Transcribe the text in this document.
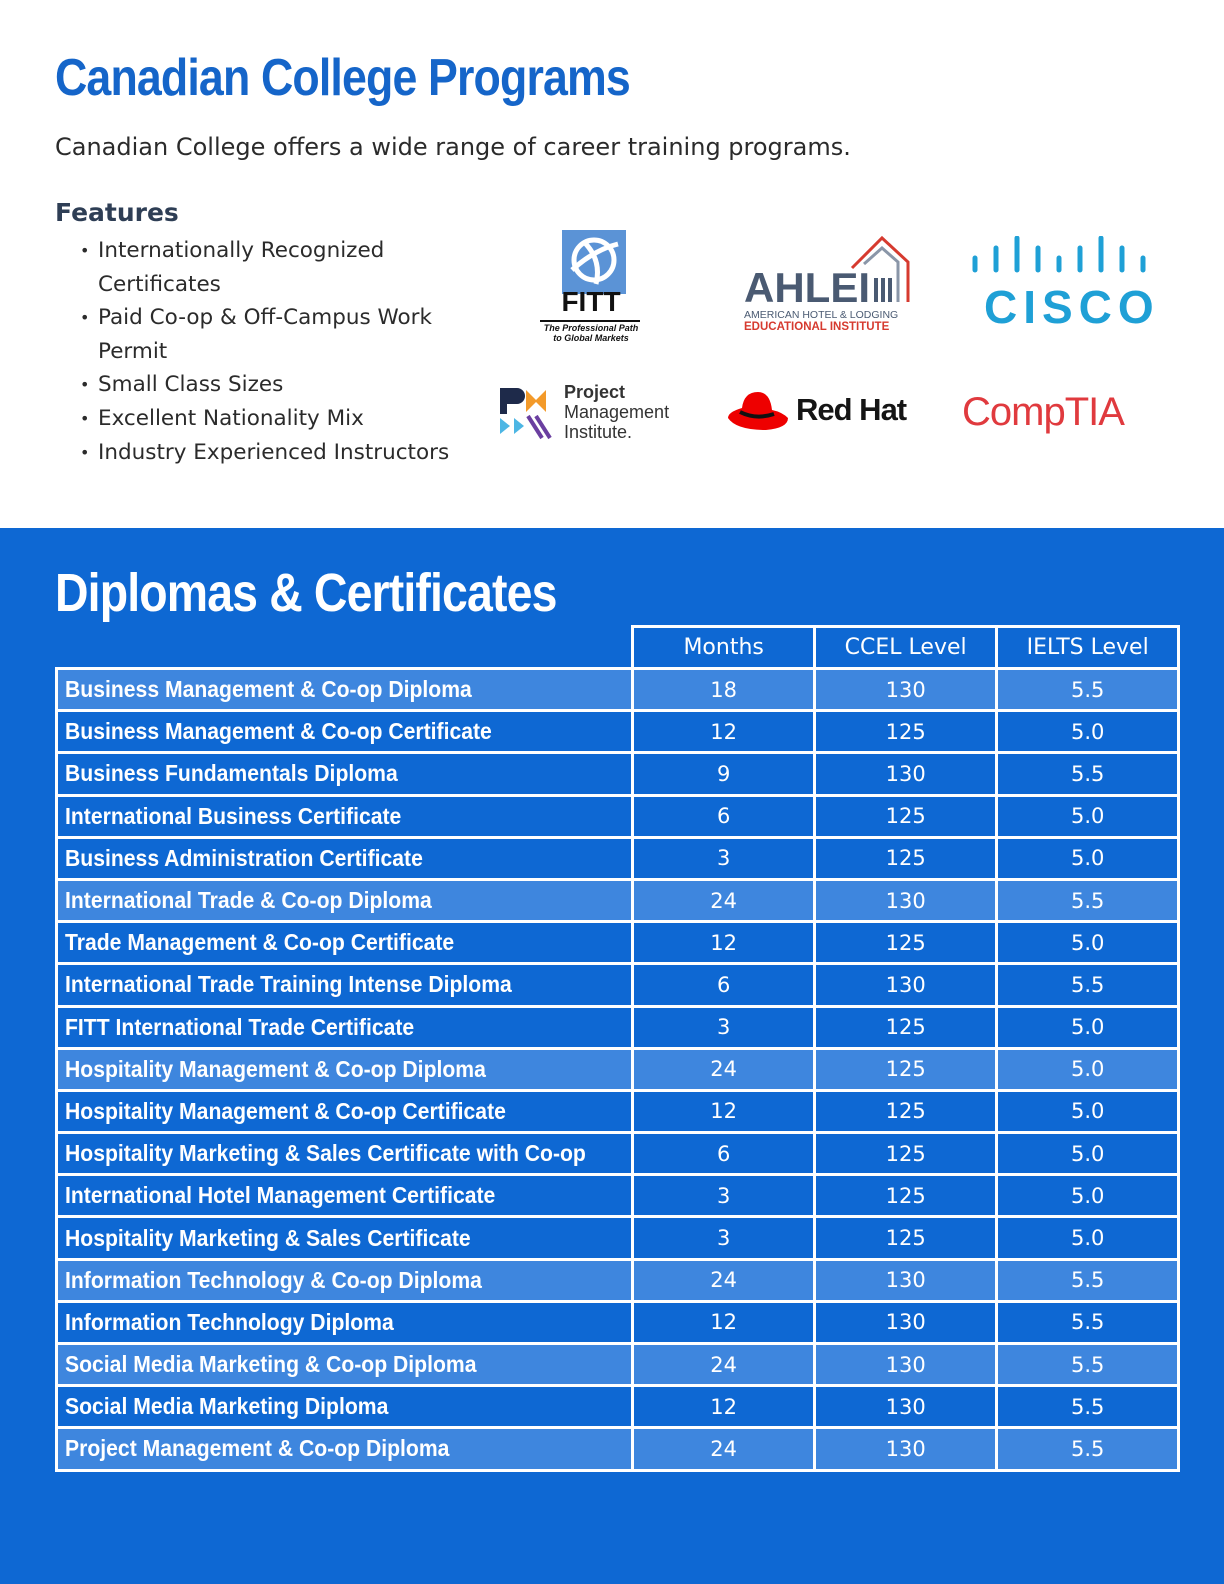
Canadian College Programs

Canadian College offers a wide range of career training programs.

Features
• Internationally Recognized Certificates
• Paid Co-op & Off-Campus Work Permit
• Small Class Sizes
• Excellent Nationality Mix
• Industry Experienced Instructors
FITT
The Professional Path
to Global Markets
AHLEI
AMERICAN HOTEL & LODGING
EDUCATIONAL INSTITUTE	CISCO
Project
Management
Institute.
Red Hat CompTIA
Diplomas & Certificates
	Months	CCEL Level	IELTS Level
Business Management & Co-op Diploma	18	130	5.5
Business Management & Co-op Certificate	12	125	5.0
Business Fundamentals Diploma	9	130	5.5
International Business Certificate	6	125	5.0
Business Administration Certificate	3	125	5.0
International Trade & Co-op Diploma	24	130	5.5
Trade Management & Co-op Certificate	12	125	5.0
International Trade Training Intense Diploma	6	130	5.5
FITT International Trade Certificate	3	125	5.0
Hospitality Management & Co-op Diploma	24	125	5.0
Hospitality Management & Co-op Certificate	12	125	5.0
Hospitality Marketing & Sales Certificate with Co-op	6	125	5.0
International Hotel Management Certificate	3	125	5.0
Hospitality Marketing & Sales Certificate	3	125	5.0
Information Technology & Co-op Diploma	24	130	5.5
Information Technology Diploma	12	130	5.5
Social Media Marketing & Co-op Diploma	24	130	5.5
Social Media Marketing Diploma	12	130	5.5
Project Management & Co-op Diploma	24	130	5.5
